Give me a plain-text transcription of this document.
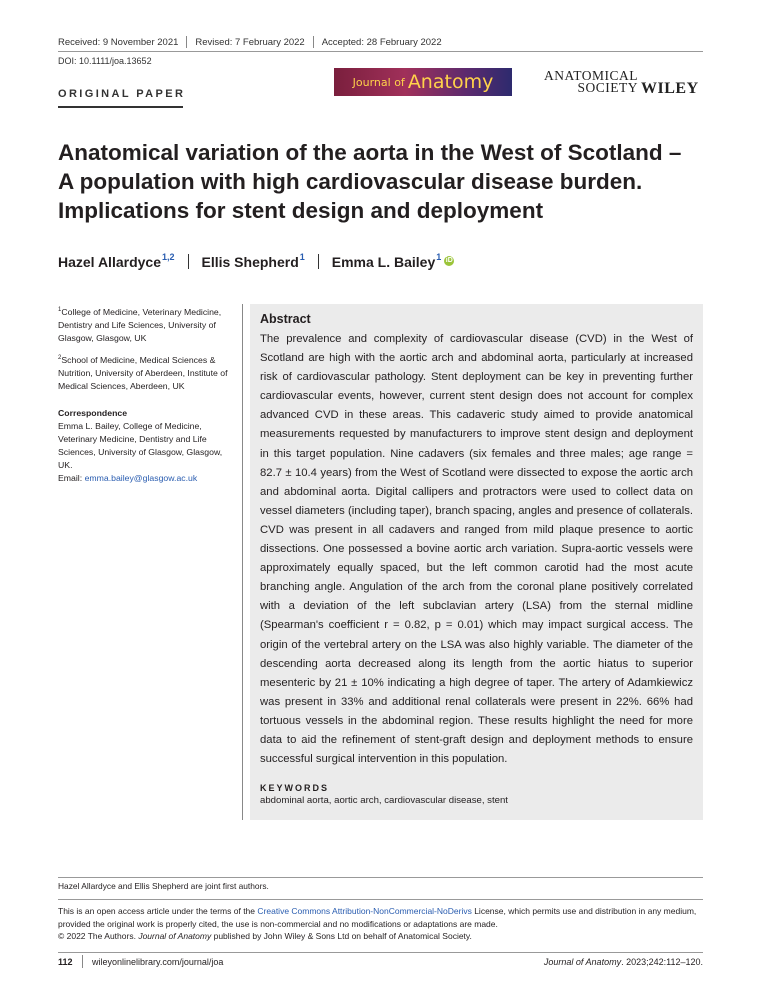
Received: 9 November 2021 Revised: 7 February 2022 Accepted: 28 February 2022
DOI: 10.1111/joa.13652
ORIGINAL PAPER
Journal of Anatomy	ANATOMICAL
SOCIETY WILEY
Anatomical variation of the aorta in the West of Scotland – A population with high cardiovascular disease burden. Implications for stent design and deployment
Hazel Allardyce$^{1,2}$ Ellis Shepherd$^1$ Emma L. Bailey$^1$ iD

$^1$College of Medicine, Veterinary Medicine, Dentistry and Life Sciences, University of Glasgow, Glasgow, UK

$^2$School of Medicine, Medical Sciences & Nutrition, University of Aberdeen, Institute of Medical Sciences, Aberdeen, UK

Correspondence

Emma L. Bailey, College of Medicine, Veterinary Medicine, Dentistry and Life Sciences, University of Glasgow, Glasgow, UK.
Email: emma.bailey@glasgow.ac.uk

Abstract

The prevalence and complexity of cardiovascular disease (CVD) in the West of Scotland are high with the aortic arch and abdominal aorta, particularly at increased risk of cardiovascular pathology. Stent deployment can be key in preventing further cardiovascular events, however, current stent design does not account for complex advanced CVD in these areas. This cadaveric study aimed to provide anatomical measurements requested by manufacturers to improve stent design and deployment in this target population. Nine cadavers (six females and three males; age range = 82.7 ± 10.4 years) from the West of Scotland were dissected to expose the aortic arch and abdominal aorta. Digital callipers and protractors were used to collect data on vessel diameters (including taper), branch spacing, angles and presence of collaterals. CVD was present in all cadavers and ranged from mild plaque presence to aortic dissections. One possessed a bovine aortic arch variation. Supra-aortic vessels were approximately equally spaced, but the left common carotid had the most acute branching angle. Angulation of the arch from the coronal plane positively correlated with a deviation of the left subclavian artery (LSA) from the sternal midline (Spearman's coefficient r = 0.82, p = 0.01) which may impact surgical access. The origin of the vertebral artery on the LSA was also highly variable. The diameter of the descending aorta decreased along its length from the aortic hiatus to superior mesenteric by 21 ± 10% indicating a high degree of taper. The artery of Adamkiewicz was present in 33% and additional renal collaterals were present in 22%. 66% had tortuous vessels in the abdominal region. These results highlight the need for more data to aid the refinement of stent-graft design and deployment methods to ensure successful surgical intervention in this population.

KEYWORDS
abdominal aorta, aortic arch, cardiovascular disease, stent
Hazel Allardyce and Ellis Shepherd are joint first authors.
This is an open access article under the terms of the Creative Commons Attribution-NonCommercial-NoDerivs License, which permits use and distribution in any medium, provided the original work is properly cited, the use is non-commercial and no modifications or adaptations are made.
© 2022 The Authors. Journal of Anatomy published by John Wiley & Sons Ltd on behalf of Anatomical Society.
112 wileyonlinelibrary.com/journal/joa	Journal of Anatomy. 2023;242:112–120.
